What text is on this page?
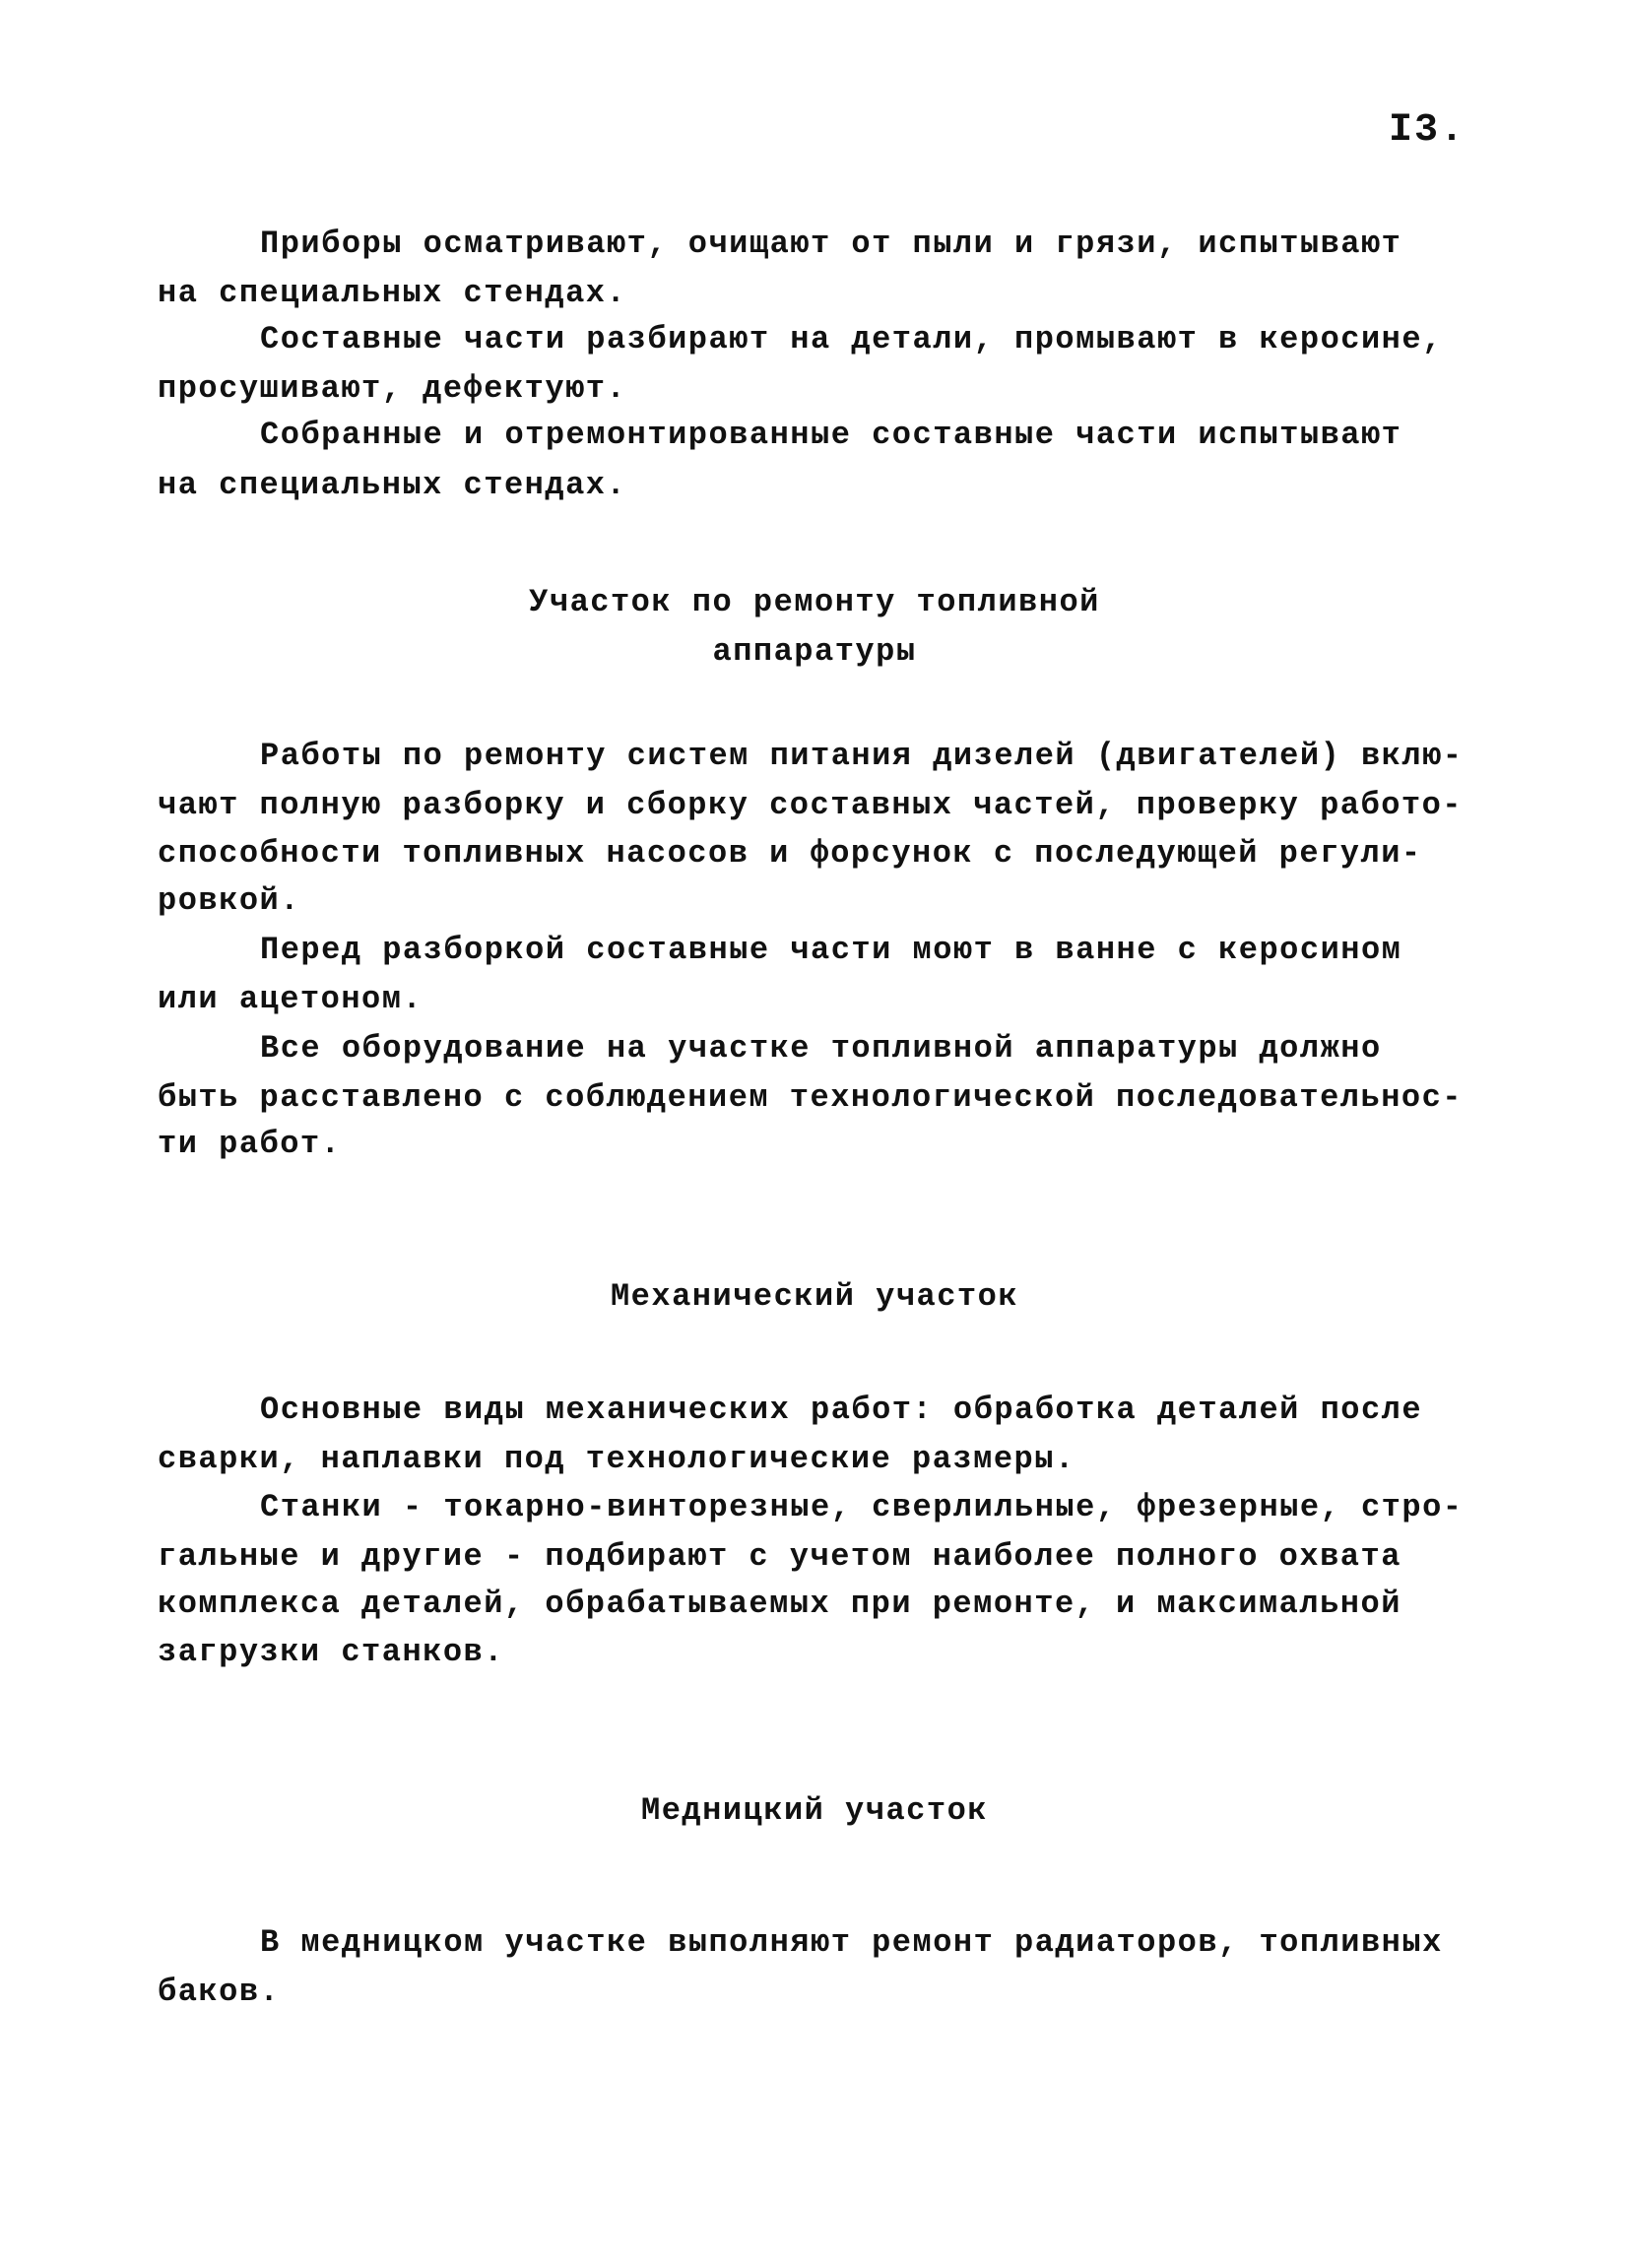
I3.
Приборы осматривают, очищают от пыли и грязи, испытывают
на специальных стендах.
Составные части разбирают на детали, промывают в керосине,
просушивают, дефектуют.
Собранные и отремонтированные составные части испытывают
на специальных стендах.
Участок по ремонту топливной
аппаратуры
Работы по ремонту систем питания дизелей (двигателей) вклю-
чают полную разборку и сборку составных частей, проверку работо-
способности топливных насосов и форсунок с последующей регули-
ровкой.
Перед разборкой составные части моют в ванне с керосином
или ацетоном.
Все оборудование на участке топливной аппаратуры должно
быть расставлено с соблюдением технологической последовательнос-
ти работ.
Механический участок
Основные виды механических работ: обработка деталей после
сварки, наплавки под технологические размеры.
Станки - токарно-винторезные, сверлильные, фрезерные, стро-
гальные и другие - подбирают с учетом наиболее полного охвата
комплекса деталей, обрабатываемых при ремонте, и максимальной
загрузки станков.
Медницкий участок
В медницком участке выполняют ремонт радиаторов, топливных
баков.
